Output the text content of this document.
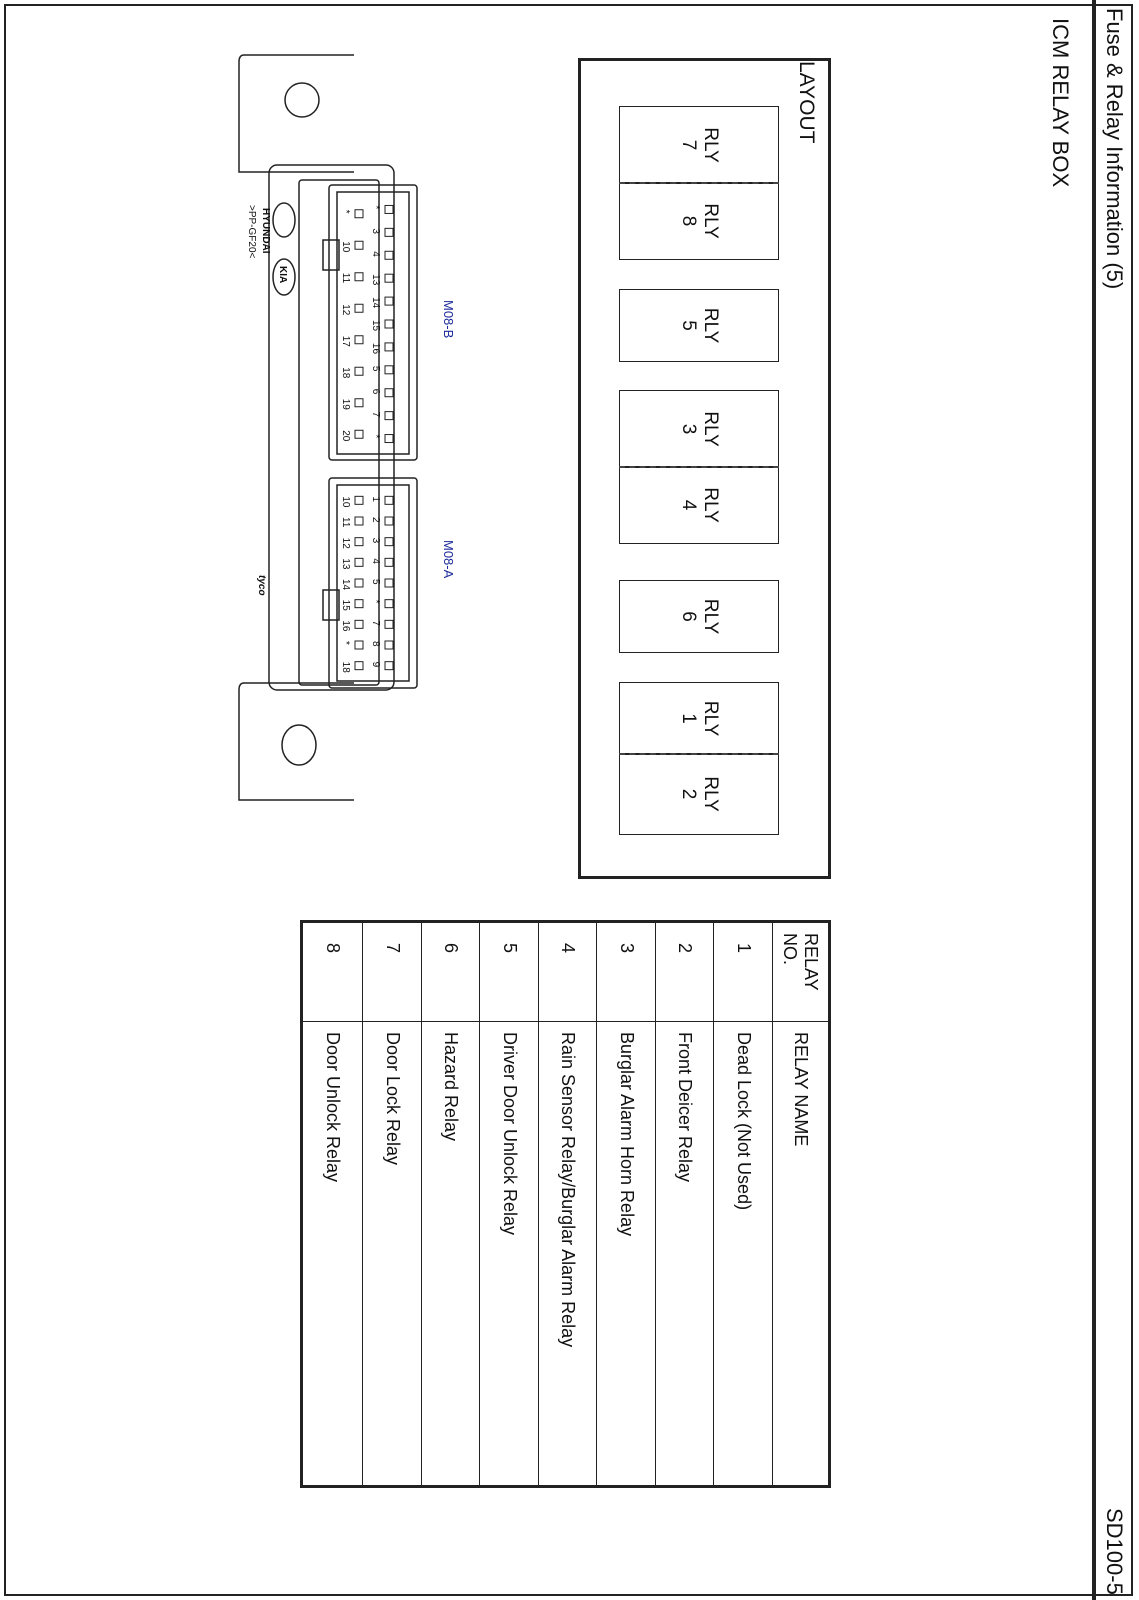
Fuse & Relay Information (5)
SD100-5
ICM RELAY BOX
LAYOUT
RLY
7
RLY
8
RLY
5
RLY
3
RLY
4
RLY
6
RLY
1
RLY
2
M08-B
M08-A
*
3
4
13
14
15
16
5
6
7
*
*
10
11
12
17
18
19
20
1
2
3
4
5
*
7
8
9
10
11
12
13
14
15
16
*
18
HYUNDAI
KIA
>PP-GF20<
tyco
RELAY NO.	RELAY NAME
1	Dead Lock (Not Used)
2	Front Deicer Relay
3	Burglar Alarm Horn Relay
4	Rain Sensor Relay/Burglar Alarm Relay
5	Driver Door Unlock Relay
6	Hazard Relay
7	Door Lock Relay
8	Door Unlock Relay
